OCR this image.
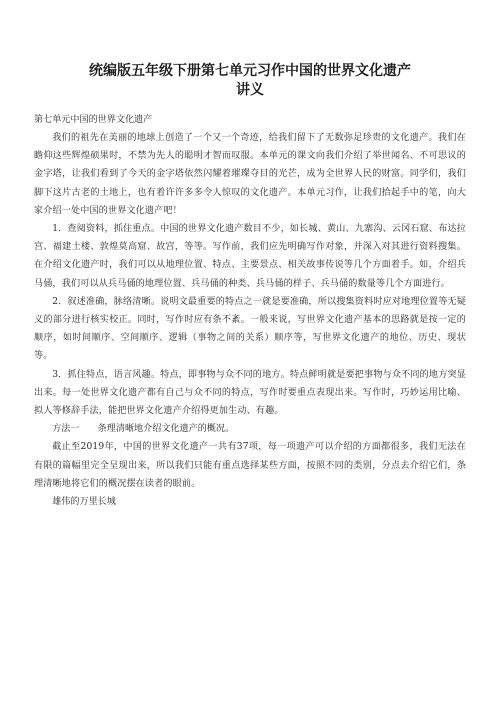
统编版五年级下册第七单元习作中国的世界文化遗产
讲义

第七单元中国的世界文化遗产

我们的祖先在美丽的地球上创造了一个又一个奇迹，给我们留下了无数弥足珍贵的文化遗产。我们在瞻仰这些辉煌硕果时，不禁为先人的聪明才智而叹服。本单元的课文向我们介绍了举世闻名、不可思议的金字塔，让我们看到了今天的金字塔依然闪耀着璀璨夺目的光芒，成为全世界人民的财富。同学们，我们脚下这片古老的土地上，也有着许许多多令人惊叹的文化遗产。本单元习作，让我们拾起手中的笔，向大家介绍一处中国的世界文化遗产吧！

1．查阅资料，抓住重点。中国的世界文化遗产数目不少，如长城、黄山、九寨沟、云冈石窟、布达拉宫、福建土楼、敦煌莫高窟、故宫，等等。写作前，我们应先明确写作对象，并深入对其进行资料搜集。在介绍文化遗产时，我们可以从地理位置、特点、主要景点、相关故事传说等几个方面着手。如，介绍兵马俑，我们可以从兵马俑的地理位置、兵马俑的种类、兵马俑的样子、兵马俑的数量等几个方面进行。

2．叙述准确，脉络清晰。说明文最重要的特点之一就是要准确，所以搜集资料时应对地理位置等无疑义的部分进行核实校正。同时，写作时应有条不紊。一般来说，写世界文化遗产基本的思路就是按一定的顺序，如时间顺序、空间顺序、逻辑（事物之间的关系）顺序等，写世界文化遗产的地位、历史、现状等。

3．抓住特点，语言风趣。特点，即事物与众不同的地方。特点鲜明就是要把事物与众不同的地方突显出来。每一处世界文化遗产都有自己与众不同的特点，写作时要重点表现出来。写作时，巧妙运用比喻、拟人等修辞手法，能把世界文化遗产介绍得更加生动、有趣。

方法一　　条理清晰地介绍文化遗产的概况。

截止至2019年，中国的世界文化遗产一共有37项，每一项遗产可以介绍的方面都很多，我们无法在有限的篇幅里完全呈现出来，所以我们只能有重点选择某些方面，按照不同的类别，分点去介绍它们，条理清晰地将它们的概况摆在读者的眼前。

雄伟的万里长城
